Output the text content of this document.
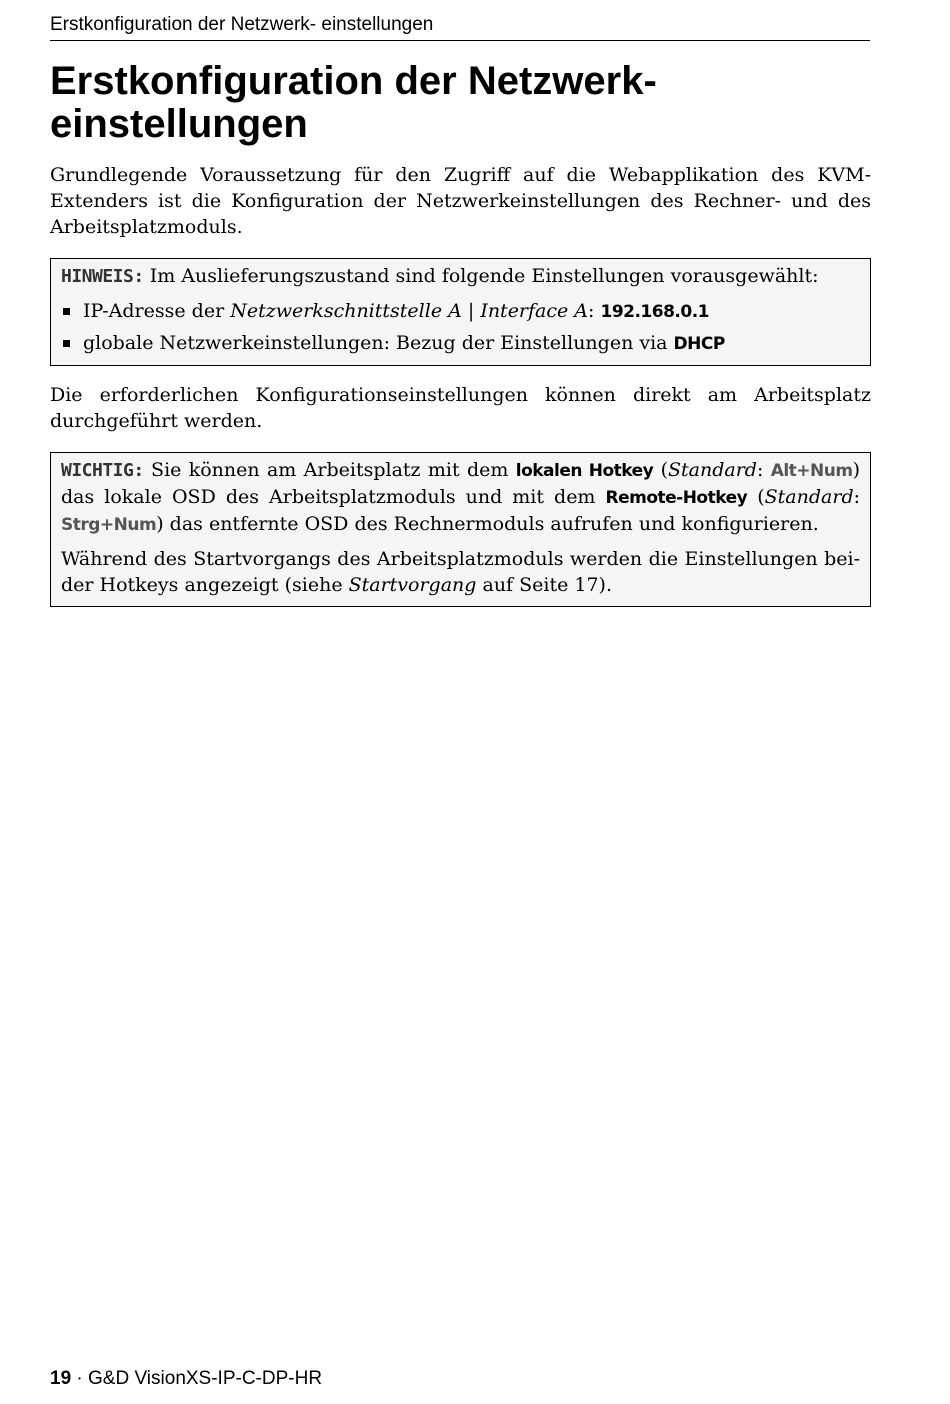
Erstkonfiguration der Netzwerk- einstellungen
Erstkonfiguration der Netzwerk-
einstellungen

Grundlegende Voraussetzung für den Zugriff auf die Webapplikation des KVM-Extenders ist die Konfiguration der Netzwerkeinstellungen des Rechner- und des Arbeitsplatzmoduls.

HINWEIS: Im Auslieferungszustand sind folgende Einstellungen vorausgewählt:

IP-Adresse der Netzwerkschnittstelle A | Interface A: 192.168.0.1
globale Netzwerkeinstellungen: Bezug der Einstellungen via DHCP

Die erforderlichen Konfigurationseinstellungen können direkt am Arbeitsplatz durchgeführt werden.

WICHTIG: Sie können am Arbeitsplatz mit dem lokalen Hotkey (Standard: Alt+Num) das lokale OSD des Arbeitsplatzmoduls und mit dem Remote-Hotkey (Standard: Strg+Num) das entfernte OSD des Rechnermoduls aufrufen und konfigurieren.

Während des Startvorgangs des Arbeitsplatzmoduls werden die Einstellungen beider Hotkeys angezeigt (siehe Startvorgang auf Seite 17).

19 · G&D VisionXS-IP-C-DP-HR
